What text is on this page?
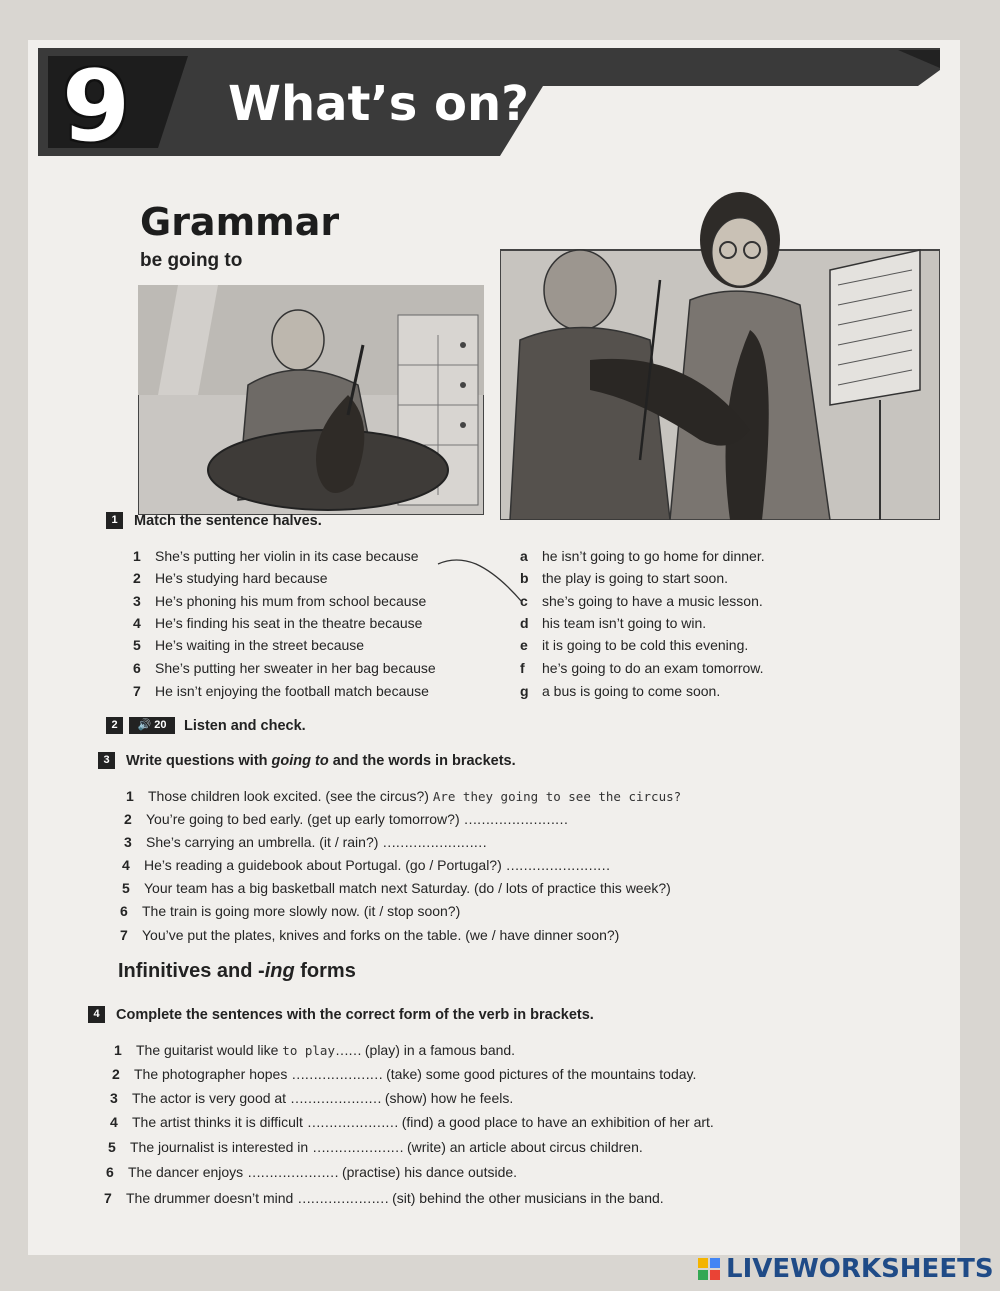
9 What’s on?
Grammar
be going to
1	Match the sentence halves.
1 She’s putting her violin in its case because
2 He’s studying hard because
3 He’s phoning his mum from school because
4 He’s finding his seat in the theatre because
5 He’s waiting in the street because
6 She’s putting her sweater in her bag because
7 He isn’t enjoying the football match because
a he isn’t going to go home for dinner.
b the play is going to start soon.
c she’s going to have a music lesson.
d his team isn’t going to win.
e it is going to be cold this evening.
f he’s going to do an exam tomorrow.
g a bus is going to come soon.
2	🔊 20	Listen and check.
3	Write questions with going to and the words in brackets.
1 Those children look excited. (see the circus?) Are they going to see the circus?
2 You’re going to bed early. (get up early tomorrow?) ……………………
3 She’s carrying an umbrella. (it / rain?) ……………………
4 He’s reading a guidebook about Portugal. (go / Portugal?) ……………………
5 Your team has a big basketball match next Saturday. (do / lots of practice this week?)
6 The train is going more slowly now. (it / stop soon?)
7 You’ve put the plates, knives and forks on the table. (we / have dinner soon?)
Infinitives and -ing forms
4	Complete the sentences with the correct form of the verb in brackets.
1 The guitarist would like to play…… (play) in a famous band.
2 The photographer hopes ………………… (take) some good pictures of the mountains today.
3 The actor is very good at ………………… (show) how he feels.
4 The artist thinks it is difficult ………………… (find) a good place to have an exhibition of her art.
5 The journalist is interested in ………………… (write) an article about circus children.
6 The dancer enjoys ………………… (practise) his dance outside.
7 The drummer doesn’t mind ………………… (sit) behind the other musicians in the band.
LIVEWORKSHEETS
